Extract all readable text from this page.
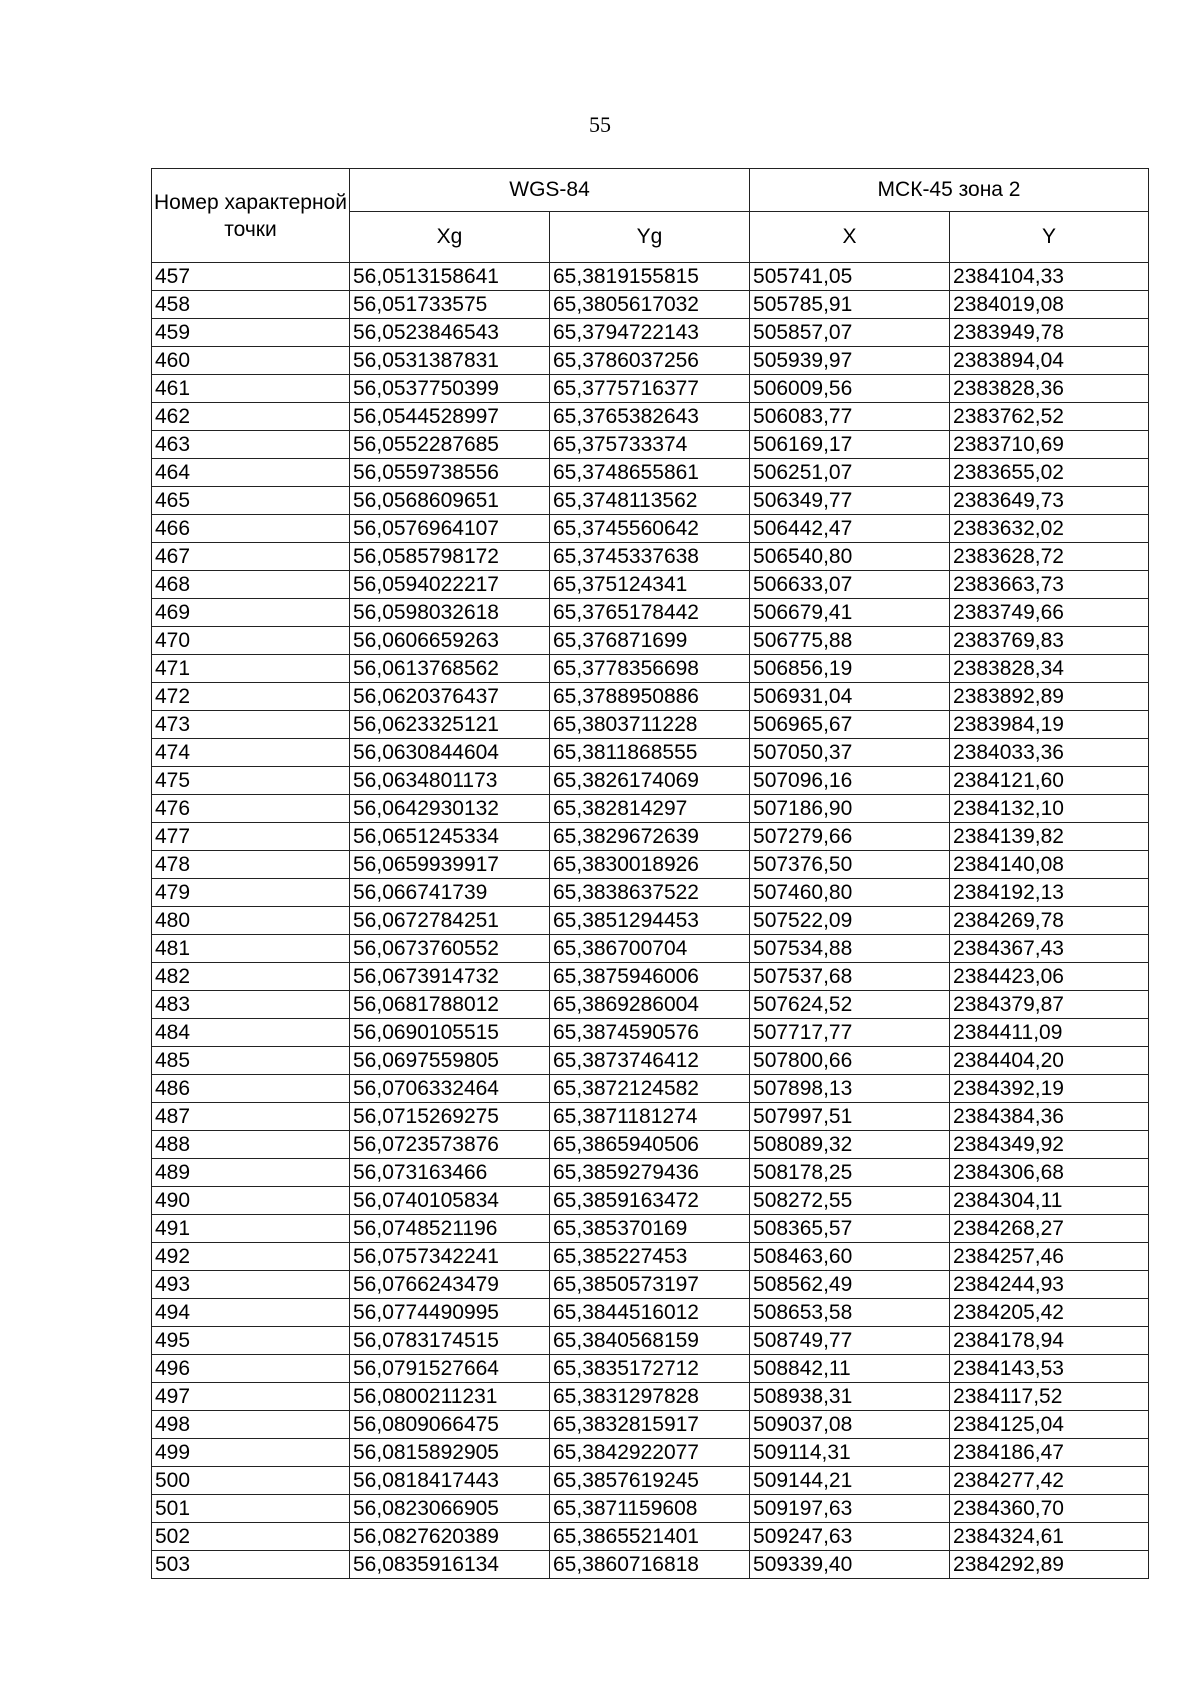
55
Номер характерной точки	WGS-84		МСК-45 зона 2	
	Xg	Yg	X	Y
457	56,0513158641	65,3819155815	505741,05	2384104,33
458	56,051733575	65,3805617032	505785,91	2384019,08
459	56,0523846543	65,3794722143	505857,07	2383949,78
460	56,0531387831	65,3786037256	505939,97	2383894,04
461	56,0537750399	65,3775716377	506009,56	2383828,36
462	56,0544528997	65,3765382643	506083,77	2383762,52
463	56,0552287685	65,375733374	506169,17	2383710,69
464	56,0559738556	65,3748655861	506251,07	2383655,02
465	56,0568609651	65,3748113562	506349,77	2383649,73
466	56,0576964107	65,3745560642	506442,47	2383632,02
467	56,0585798172	65,3745337638	506540,80	2383628,72
468	56,0594022217	65,375124341	506633,07	2383663,73
469	56,0598032618	65,3765178442	506679,41	2383749,66
470	56,0606659263	65,376871699	506775,88	2383769,83
471	56,0613768562	65,3778356698	506856,19	2383828,34
472	56,0620376437	65,3788950886	506931,04	2383892,89
473	56,0623325121	65,3803711228	506965,67	2383984,19
474	56,0630844604	65,3811868555	507050,37	2384033,36
475	56,0634801173	65,3826174069	507096,16	2384121,60
476	56,0642930132	65,382814297	507186,90	2384132,10
477	56,0651245334	65,3829672639	507279,66	2384139,82
478	56,0659939917	65,3830018926	507376,50	2384140,08
479	56,066741739	65,3838637522	507460,80	2384192,13
480	56,0672784251	65,3851294453	507522,09	2384269,78
481	56,0673760552	65,386700704	507534,88	2384367,43
482	56,0673914732	65,3875946006	507537,68	2384423,06
483	56,0681788012	65,3869286004	507624,52	2384379,87
484	56,0690105515	65,3874590576	507717,77	2384411,09
485	56,0697559805	65,3873746412	507800,66	2384404,20
486	56,0706332464	65,3872124582	507898,13	2384392,19
487	56,0715269275	65,3871181274	507997,51	2384384,36
488	56,0723573876	65,3865940506	508089,32	2384349,92
489	56,073163466	65,3859279436	508178,25	2384306,68
490	56,0740105834	65,3859163472	508272,55	2384304,11
491	56,0748521196	65,385370169	508365,57	2384268,27
492	56,0757342241	65,385227453	508463,60	2384257,46
493	56,0766243479	65,3850573197	508562,49	2384244,93
494	56,0774490995	65,3844516012	508653,58	2384205,42
495	56,0783174515	65,3840568159	508749,77	2384178,94
496	56,0791527664	65,3835172712	508842,11	2384143,53
497	56,0800211231	65,3831297828	508938,31	2384117,52
498	56,0809066475	65,3832815917	509037,08	2384125,04
499	56,0815892905	65,3842922077	509114,31	2384186,47
500	56,0818417443	65,3857619245	509144,21	2384277,42
501	56,0823066905	65,3871159608	509197,63	2384360,70
502	56,0827620389	65,3865521401	509247,63	2384324,61
503	56,0835916134	65,3860716818	509339,40	2384292,89
